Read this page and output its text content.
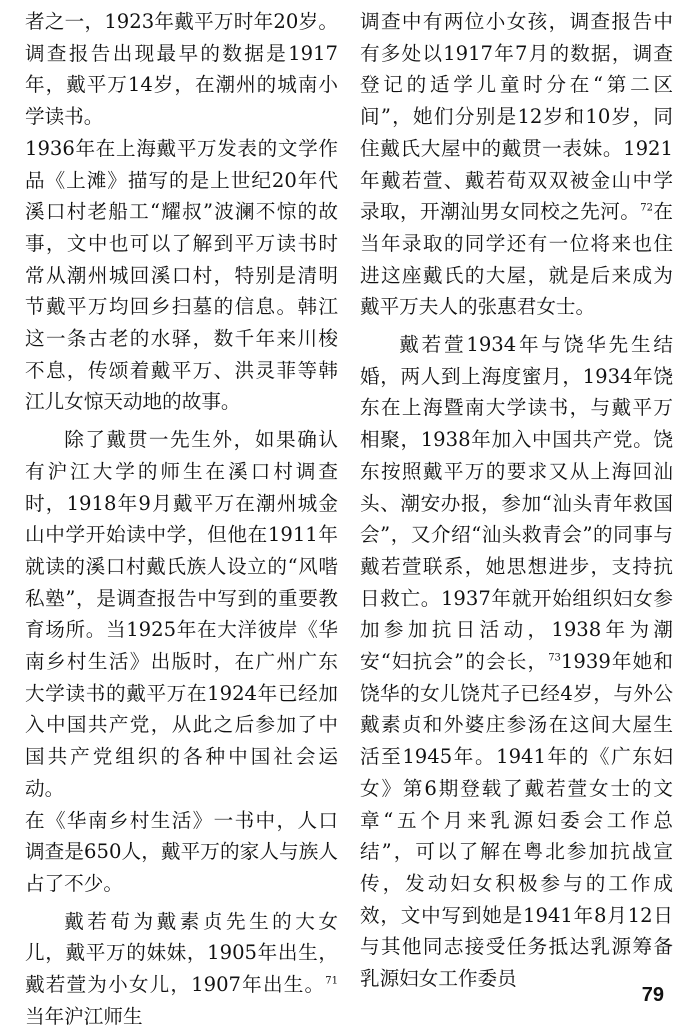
者之一，1923年戴平万时年20岁。调查报告出现最早的数据是1917年，戴平万14岁，在潮州的城南小学读书。

1936年在上海戴平万发表的文学作品《上滩》描写的是上世纪20年代溪口村老船工“耀叔”波澜不惊的故事，文中也可以了解到平万读书时常从潮州城回溪口村，特别是清明节戴平万均回乡扫墓的信息。韩江这一条古老的水驿，数千年来川梭不息，传颂着戴平万、洪灵菲等韩江儿女惊天动地的故事。

除了戴贯一先生外，如果确认有沪江大学的师生在溪口村调查时，1918年9月戴平万在潮州城金山中学开始读中学，但他在1911年就读的溪口村戴氏族人设立的“风喈私塾”，是调查报告中写到的重要教育场所。当1925年在大洋彼岸《华南乡村生活》出版时，在广州广东大学读书的戴平万在1924年已经加入中国共产党，从此之后参加了中国共产党组织的各种中国社会运动。

在《华南乡村生活》一书中，人口调查是650人，戴平万的家人与族人占了不少。

戴若荀为戴素贞先生的大女儿，戴平万的妹妹，1905年出生，戴若萱为小女儿，1907年出生。$^{71}$当年沪江师生

调查中有两位小女孩，调查报告中有多处以1917年7月的数据，调查登记的适学儿童时分在“第二区间”，她们分别是12岁和10岁，同住戴氏大屋中的戴贯一表妹。1921年戴若萱、戴若荀双双被金山中学录取，开潮汕男女同校之先河。$^{72}$在当年录取的同学还有一位将来也住进这座戴氏的大屋，就是后来成为戴平万夫人的张惠君女士。

戴若萱1934年与饶华先生结婚，两人到上海度蜜月，1934年饶东在上海暨南大学读书，与戴平万相聚，1938年加入中国共产党。饶东按照戴平万的要求又从上海回汕头、潮安办报，参加“汕头青年救国会”，又介绍“汕头救青会”的同事与戴若萱联系，她思想进步，支持抗日救亡。1937年就开始组织妇女参加参加抗日活动，1938年为潮安“妇抗会”的会长，$^{73}$1939年她和饶华的女儿饶芃子已经4岁，与外公戴素贞和外婆庄参汤在这间大屋生活至1945年。1941年的《广东妇女》第6期登载了戴若萱女士的文章“五个月来乳源妇委会工作总结”，可以了解在粤北参加抗战宣传，发动妇女积极参与的工作成效，文中写到她是1941年8月12日与其他同志接受任务抵达乳源筹备乳源妇女工作委员

79
